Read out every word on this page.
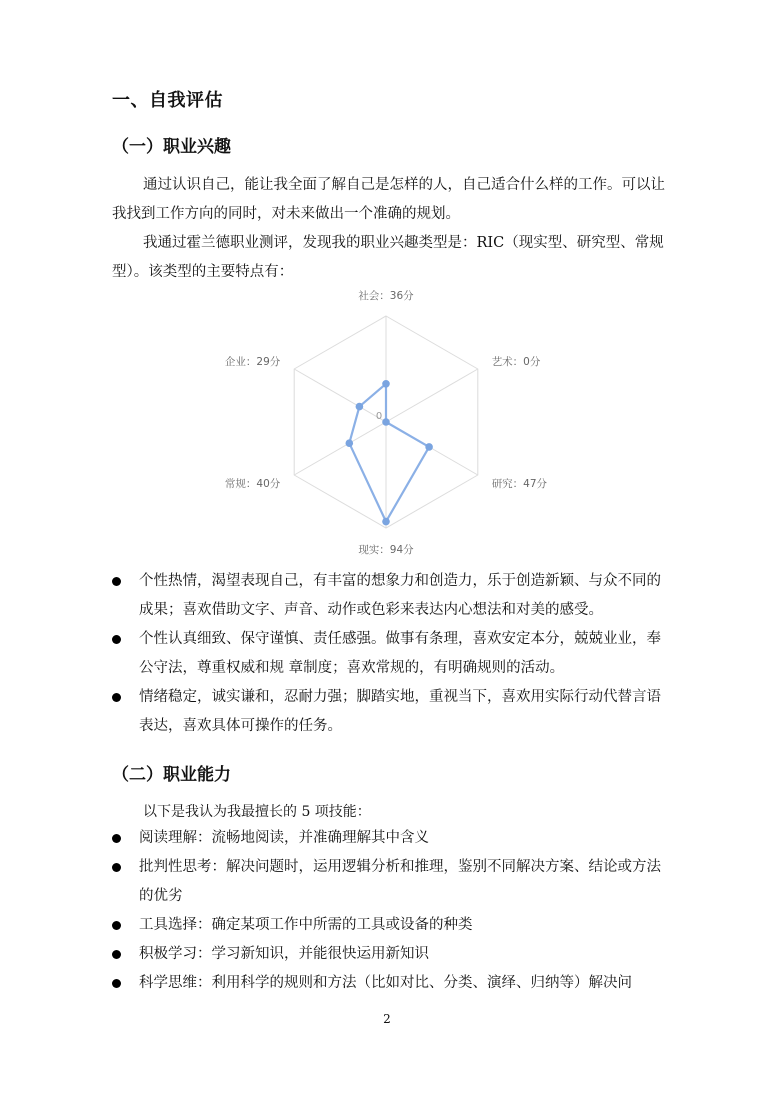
一、自我评估
（一）职业兴趣
通过认识自己，能让我全面了解自己是怎样的人，自己适合什么样的工作。可以让我找到工作方向的同时，对未来做出一个准确的规划。
我通过霍兰德职业测评，发现我的职业兴趣类型是：RIC（现实型、研究型、常规型）。该类型的主要特点有：
社会：36分
艺术：0分
研究：47分
现实：94分
常规：40分
企业：29分
0
个性热情，渴望表现自己，有丰富的想象力和创造力，乐于创造新颖、与众不同的成果；喜欢借助文字、声音、动作或色彩来表达内心想法和对美的感受。
个性认真细致、保守谨慎、责任感强。做事有条理，喜欢安定本分，兢兢业业，奉公守法，尊重权威和规 章制度；喜欢常规的，有明确规则的活动。
情绪稳定，诚实谦和，忍耐力强；脚踏实地，重视当下，喜欢用实际行动代替言语表达，喜欢具体可操作的任务。
（二）职业能力
以下是我认为我最擅长的 5 项技能：
阅读理解：流畅地阅读，并准确理解其中含义
批判性思考：解决问题时，运用逻辑分析和推理，鉴别不同解决方案、结论或方法的优劣
工具选择：确定某项工作中所需的工具或设备的种类
积极学习：学习新知识，并能很快运用新知识
科学思维：利用科学的规则和方法（比如对比、分类、演绎、归纳等）解决问
2
